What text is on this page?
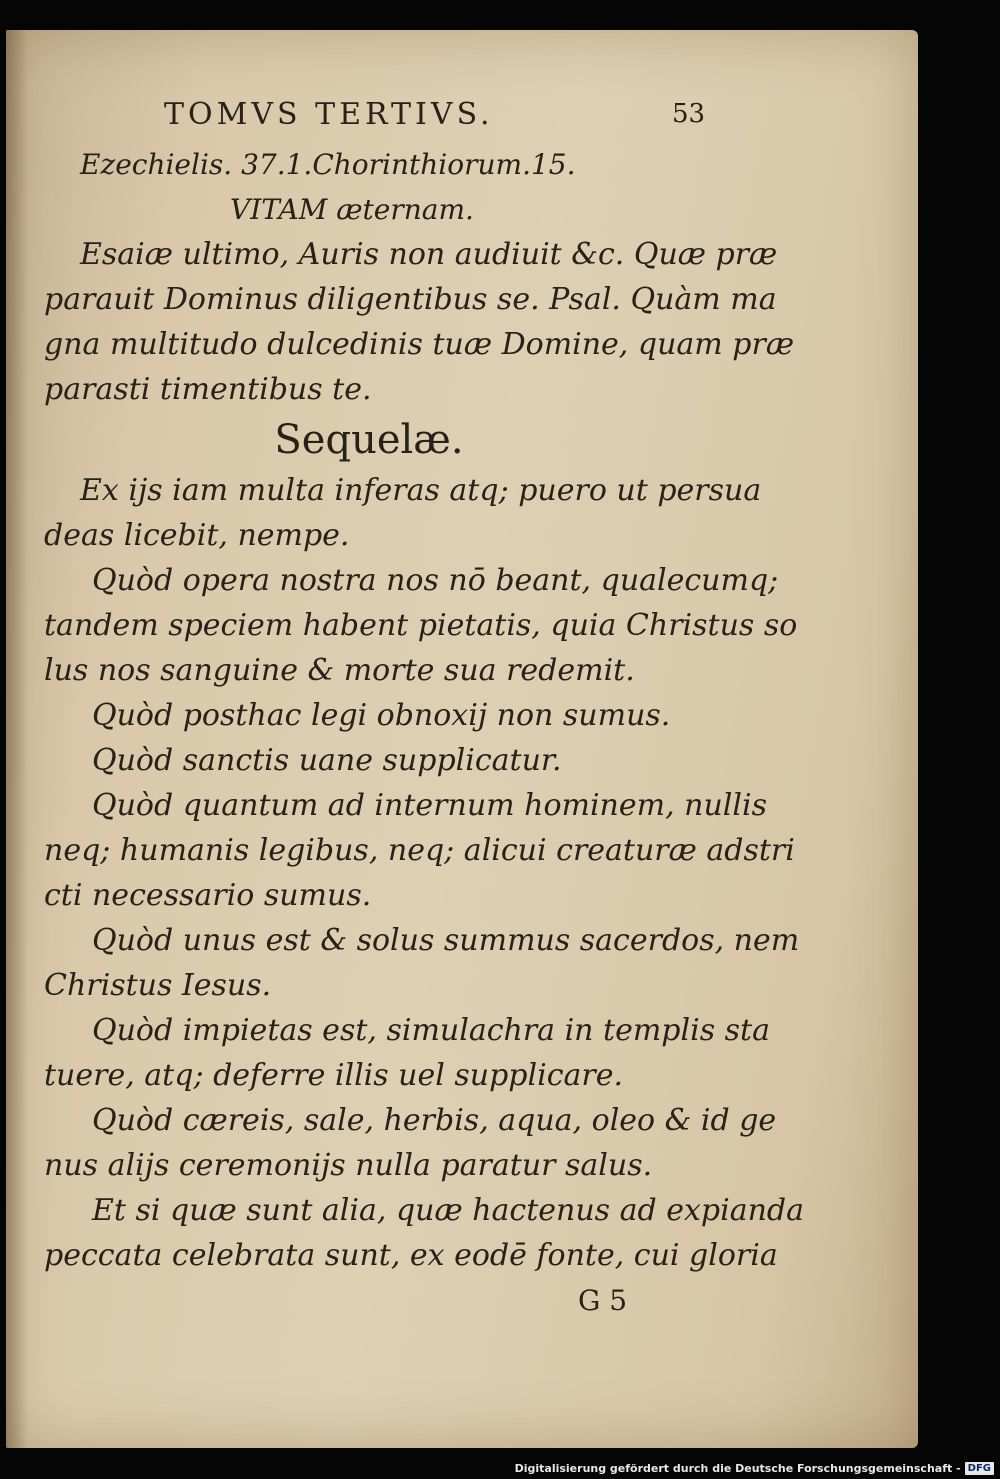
TOMVS TERTIVS.	53
Ezechielis. 37.1.Chorinthiorum.15.
VITAM æternam.
Esaiæ ultimo, Auris non audiuit &c. Quæ præ
parauit Dominus diligentibus se. Psal. Quàm ma
gna multitudo dulcedinis tuæ Domine, quam præ
parasti timentibus te.
Sequelæ.
Ex ijs iam multa inferas atq; puero ut persua
deas licebit, nempe.
Quòd opera nostra nos nō beant, qualecumq;
tandem speciem habent pietatis, quia Christus so
lus nos sanguine & morte sua redemit.
Quòd posthac legi obnoxij non sumus.
Quòd sanctis uane supplicatur.
Quòd quantum ad internum hominem, nullis
neq; humanis legibus, neq; alicui creaturæ adstri
cti necessario sumus.
Quòd unus est & solus summus sacerdos, nem
Christus Iesus.
Quòd impietas est, simulachra in templis sta
tuere, atq; deferre illis uel supplicare.
Quòd cæreis, sale, herbis, aqua, oleo & id ge
nus alijs ceremonijs nulla paratur salus.
Et si quæ sunt alia, quæ hactenus ad expianda
peccata celebrata sunt, ex eodē fonte, cui gloria
G 5
Digitalisierung gefördert durch die Deutsche Forschungsgemeinschaft - DFG
